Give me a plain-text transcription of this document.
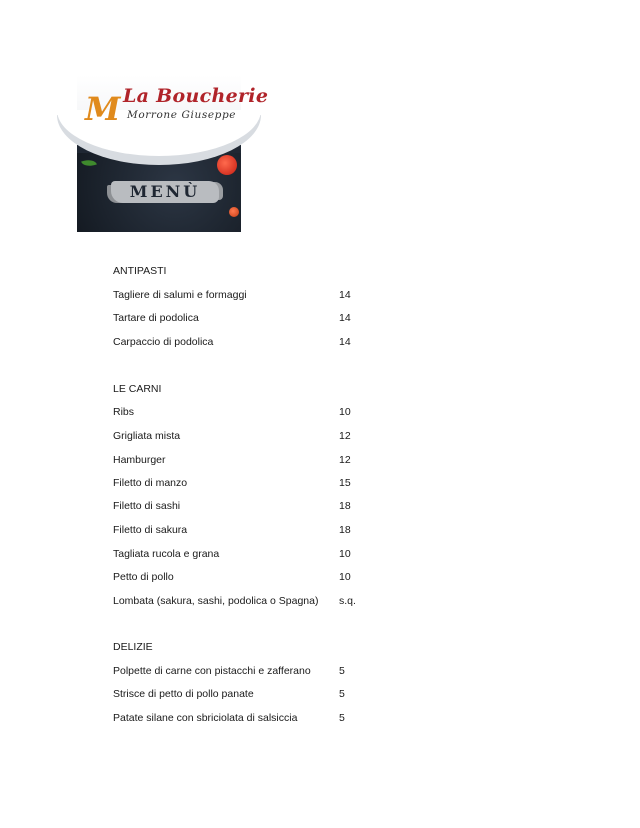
M La Boucherie
Morrone Giuseppe
MENÙ
ANTIPASTI
Tagliere di salumi e formaggi	14
Tartare di podolica	14
Carpaccio di podolica	14
LE CARNI
Ribs	10
Grigliata mista	12
Hamburger	12
Filetto di manzo	15
Filetto di sashi	18
Filetto di sakura	18
Tagliata rucola e grana	10
Petto di pollo	10
Lombata (sakura, sashi, podolica o Spagna) s.q.
DELIZIE
Polpette di carne con pistacchi e zafferano	5
Strisce di petto di pollo panate	5
Patate silane con sbriciolata di salsiccia	5
